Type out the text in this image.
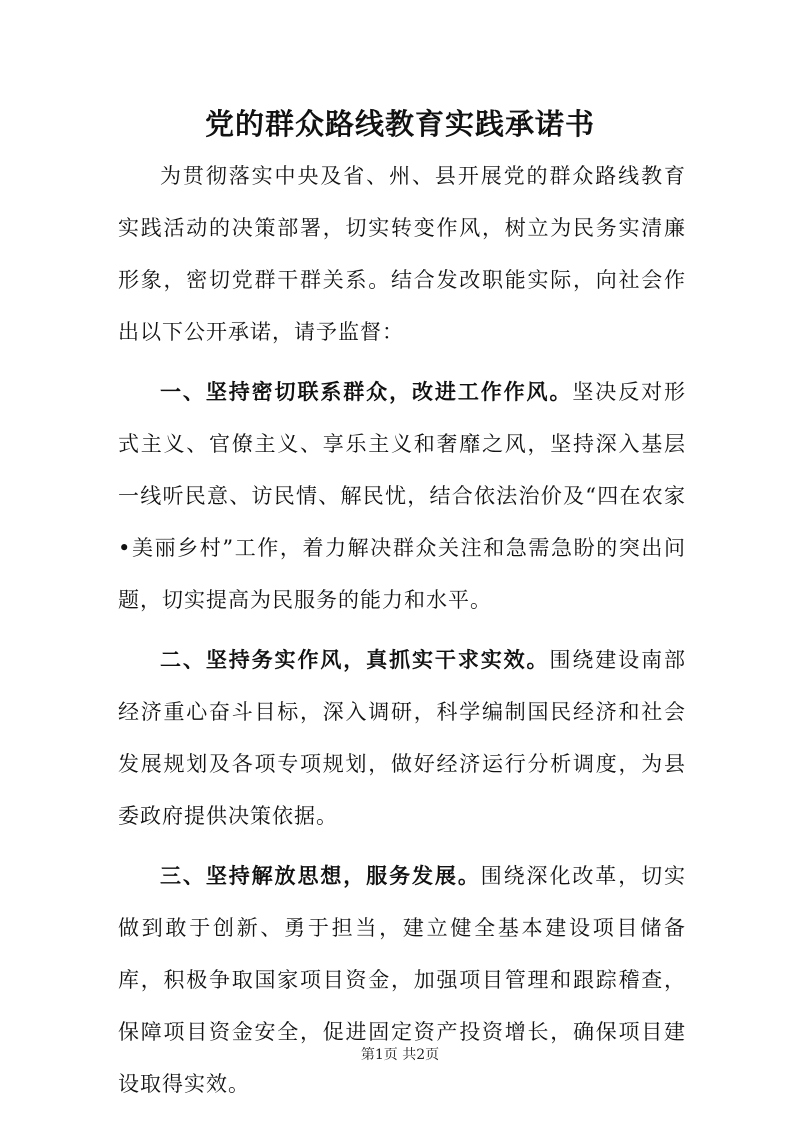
党的群众路线教育实践承诺书

为贯彻落实中央及省、州、县开展党的群众路线教育实践活动的决策部署，切实转变作风，树立为民务实清廉形象，密切党群干群关系。结合发改职能实际，向社会作出以下公开承诺，请予监督：

一、坚持密切联系群众，改进工作作风。坚决反对形式主义、官僚主义、享乐主义和奢靡之风，坚持深入基层一线听民意、访民情、解民忧，结合依法治价及“四在农家•美丽乡村”工作，着力解决群众关注和急需急盼的突出问题，切实提高为民服务的能力和水平。

二、坚持务实作风，真抓实干求实效。围绕建设南部经济重心奋斗目标，深入调研，科学编制国民经济和社会发展规划及各项专项规划，做好经济运行分析调度，为县委政府提供决策依据。

三、坚持解放思想，服务发展。围绕深化改革，切实做到敢于创新、勇于担当，建立健全基本建设项目储备库，积极争取国家项目资金，加强项目管理和跟踪稽查，保障项目资金安全，促进固定资产投资增长，确保项目建设取得实效。

第1页 共2页
